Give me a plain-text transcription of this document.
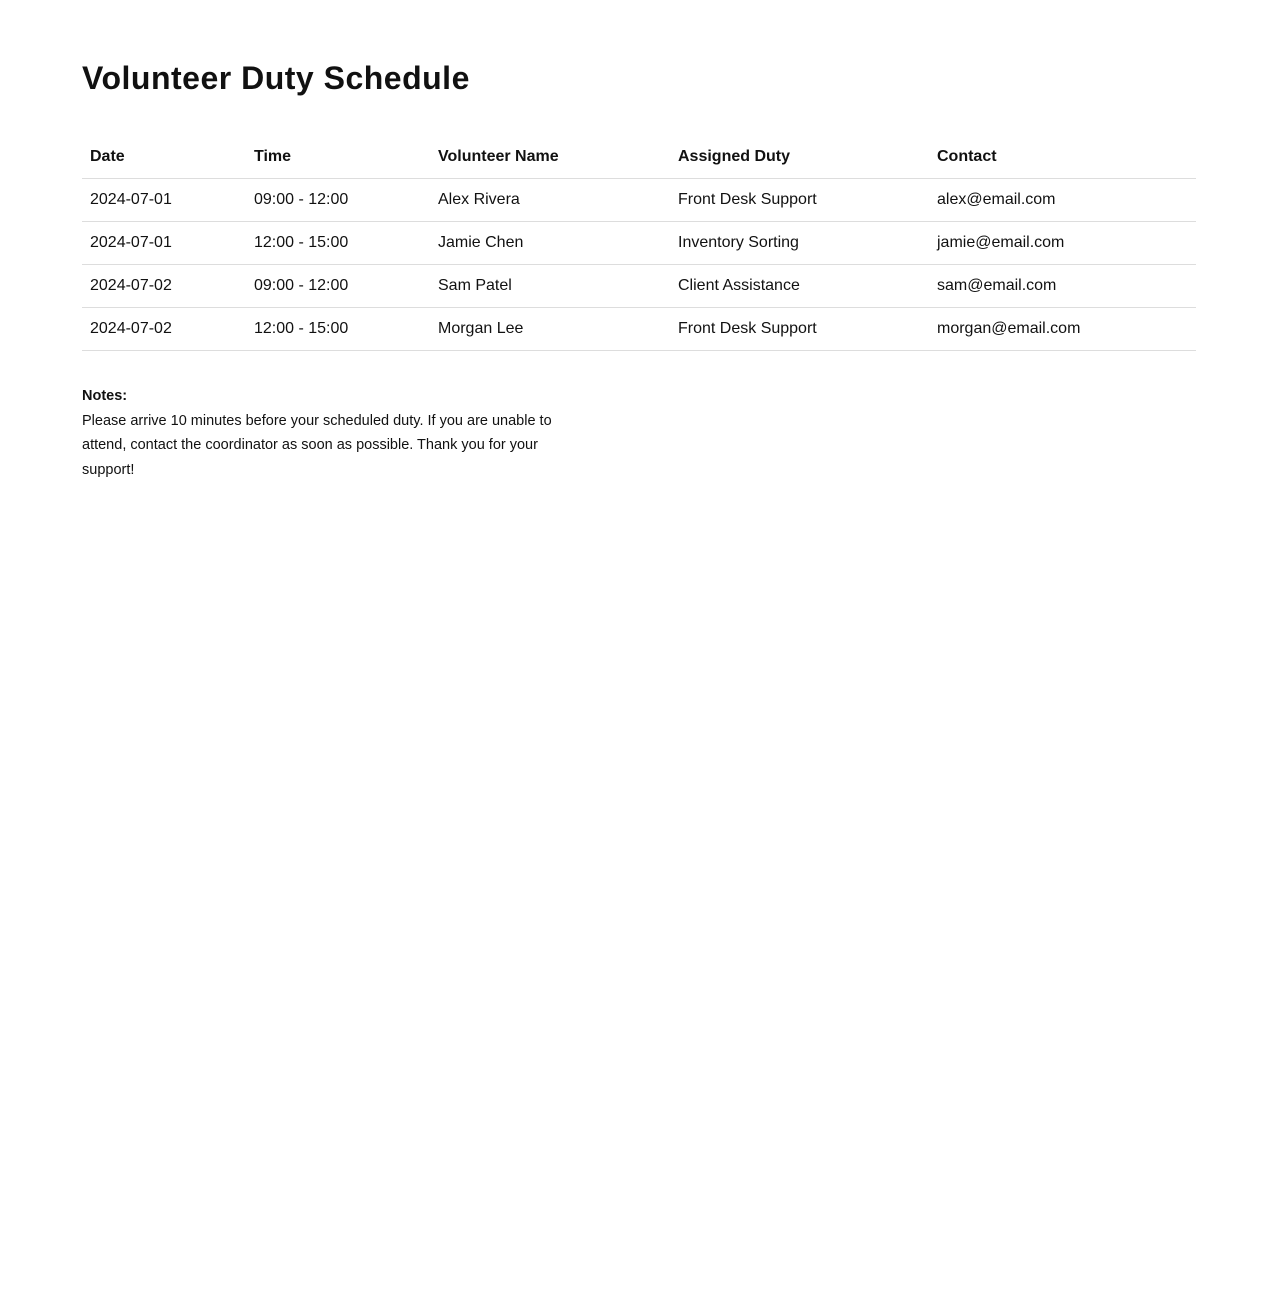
Volunteer Duty Schedule
Date	Time	Volunteer Name	Assigned Duty	Contact
2024-07-01	09:00 - 12:00	Alex Rivera	Front Desk Support	alex@email.com
2024-07-01	12:00 - 15:00	Jamie Chen	Inventory Sorting	jamie@email.com
2024-07-02	09:00 - 12:00	Sam Patel	Client Assistance	sam@email.com
2024-07-02	12:00 - 15:00	Morgan Lee	Front Desk Support	morgan@email.com
Notes:
Please arrive 10 minutes before your scheduled duty. If you are unable to attend, contact the coordinator as soon as possible. Thank you for your support!
